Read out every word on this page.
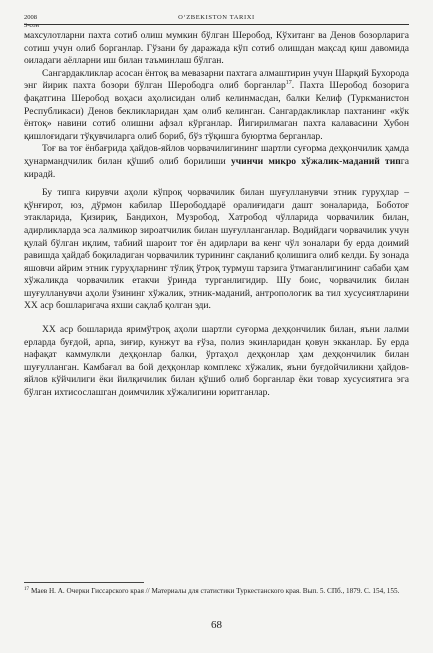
2008	O‘ZBEKISTON TARIXI
3-сон

махсулотларни пахта сотиб олиш мумкин бўлган Шеробод, Кўхитанг ва Денов бозорларига сотиш учун олиб борганлар. Гўзани бу даражада кўп сотиб олишдан мақсад қиш давомида оиладаги аёлларни иш билан таъминлаш бўлган.

Сангардакликлар асосан ёнтоқ ва мевазарни пахтага алмаштирин учун Шарқий Бухорода энг йирик пахта бозори бўлган Шерободга олиб борганлар$^{17}$. Пахта Шеробод бозорига фақатгина Шеробод воҳаси аҳолисидан олиб келинмасдан, балки Келиф (Туркманистон Республикаси) Денов бекликларидан ҳам олиб келинган. Сангардакликлар пахтанинг «кўк ёнтоқ» навини сотиб олишни афзал кўрганлар. Йигирилмаган пахта калавасини Хубон қишлоғидаги тўқувчиларга олиб бориб, бўз тўқишга буюртма берганлар.

Тоғ ва тоғ ёнбағрида ҳайдов-яйлов чорвачилигининг шартли суғорма деҳқончилик ҳамда ҳунармандчилик билан қўшиб олиб борилиши учинчи микро хўжалик-маданий типга кирадй.

Бу типга кирувчи аҳоли кўпроқ чорвачилик билан шуғулланувчи этник гуруҳлар – қўнғирот, юз, дўрмон кабилар Шерободдарё оралиғидаги дашт зоналарида, Боботоғ этакларида, Қизириқ, Бандихон, Музробод, Хатробод чўлларида чорвачилик билан, адирликларда эса лалмикор зироатчилик билан шуғулланганлар. Водийдаги чорвачилик учун қулай бўлган иқлим, табиий шароит тоғ ён адирлари ва кенг чўл зоналари бу ерда доимий равишда ҳайдаб боқиладиган чорвачилик турининг сақланиб қолишига олиб келди. Бу зонада яшовчи айрим этник гуруҳларнинг тўлиқ ўтроқ турмуш тарзига ўтмаганлигининг сабаби ҳам хўжаликда чорвачилик етакчи ўринда турганлигидир. Шу боис, чорвачилик билан шуғулланувчи аҳоли ўзининг хўжалик, этник-маданий, антропологик ва тил хусусиятларини XX аср бошларигача яхши сақлаб қолган эди.

XX аср бошларида яримўтроқ аҳоли шартли суғорма деҳқончилик билан, яъни лалми ерларда буғдой, арпа, зиғир, кунжут ва ғўза, полиз экинларидан қовун экканлар. Бу ерда нафақат каммулкли деҳқонлар балки, ўртаҳол деҳқонлар ҳам деҳқончилик билан шуғулланган. Камбағал ва бой деҳқонлар комплекс хўжалик, яъни буғдойчиликни ҳайдов-яйлов кўйчилиги ёки йилқичилик билан қўшиб олиб борганлар ёки товар хусусиятига эга бўлган ихтисослашган доимчилик хўжалигини юритганлар.

$^{17}$ Маев Н. А. Очерки Гиссарского края // Материалы для статистики Туркестанского края. Вып. 5. СПб., 1879. С. 154, 155.
68
